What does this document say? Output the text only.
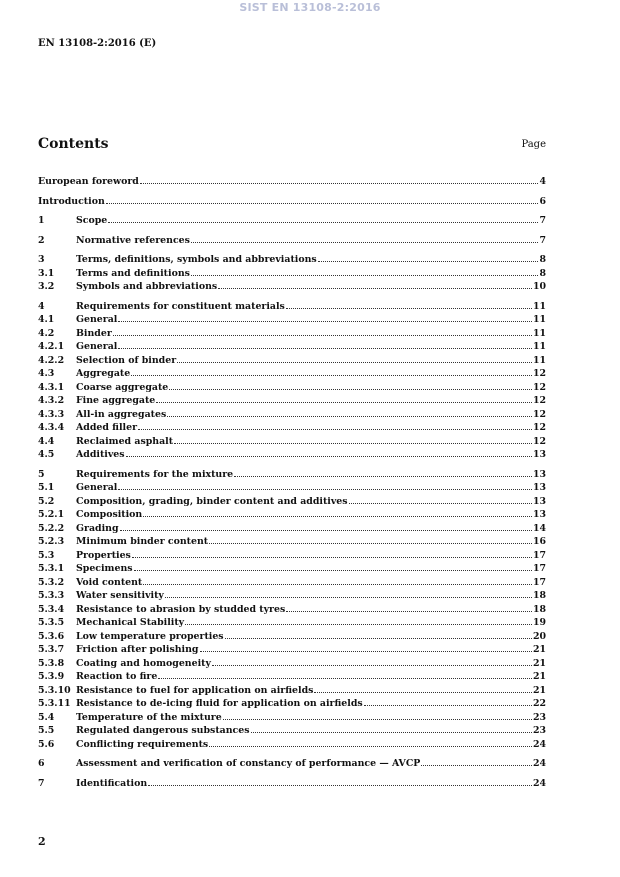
SIST EN 13108-2:2016
EN 13108-2:2016 (E)
Contents	Page
European foreword	4
Introduction	6
1	Scope	7
2	Normative references	7
3	Terms, definitions, symbols and abbreviations	8
3.1	Terms and definitions	8
3.2	Symbols and abbreviations	10
4	Requirements for constituent materials	11
4.1	General	11
4.2	Binder	11
4.2.1	General	11
4.2.2	Selection of binder	11
4.3	Aggregate	12
4.3.1	Coarse aggregate	12
4.3.2	Fine aggregate	12
4.3.3	All-in aggregates	12
4.3.4	Added filler	12
4.4	Reclaimed asphalt	12
4.5	Additives	13
5	Requirements for the mixture	13
5.1	General	13
5.2	Composition, grading, binder content and additives	13
5.2.1	Composition	13
5.2.2	Grading	14
5.2.3	Minimum binder content	16
5.3	Properties	17
5.3.1	Specimens	17
5.3.2	Void content	17
5.3.3	Water sensitivity	18
5.3.4	Resistance to abrasion by studded tyres	18
5.3.5	Mechanical Stability	19
5.3.6	Low temperature properties	20
5.3.7	Friction after polishing	21
5.3.8	Coating and homogeneity	21
5.3.9	Reaction to fire	21
5.3.10 Resistance to fuel for application on airfields	21
5.3.11 Resistance to de-icing fluid for application on airfields	22
5.4	Temperature of the mixture	23
5.5	Regulated dangerous substances	23
5.6	Conflicting requirements	24
6	Assessment and verification of constancy of performance — AVCP	24
7	Identification	24
2
